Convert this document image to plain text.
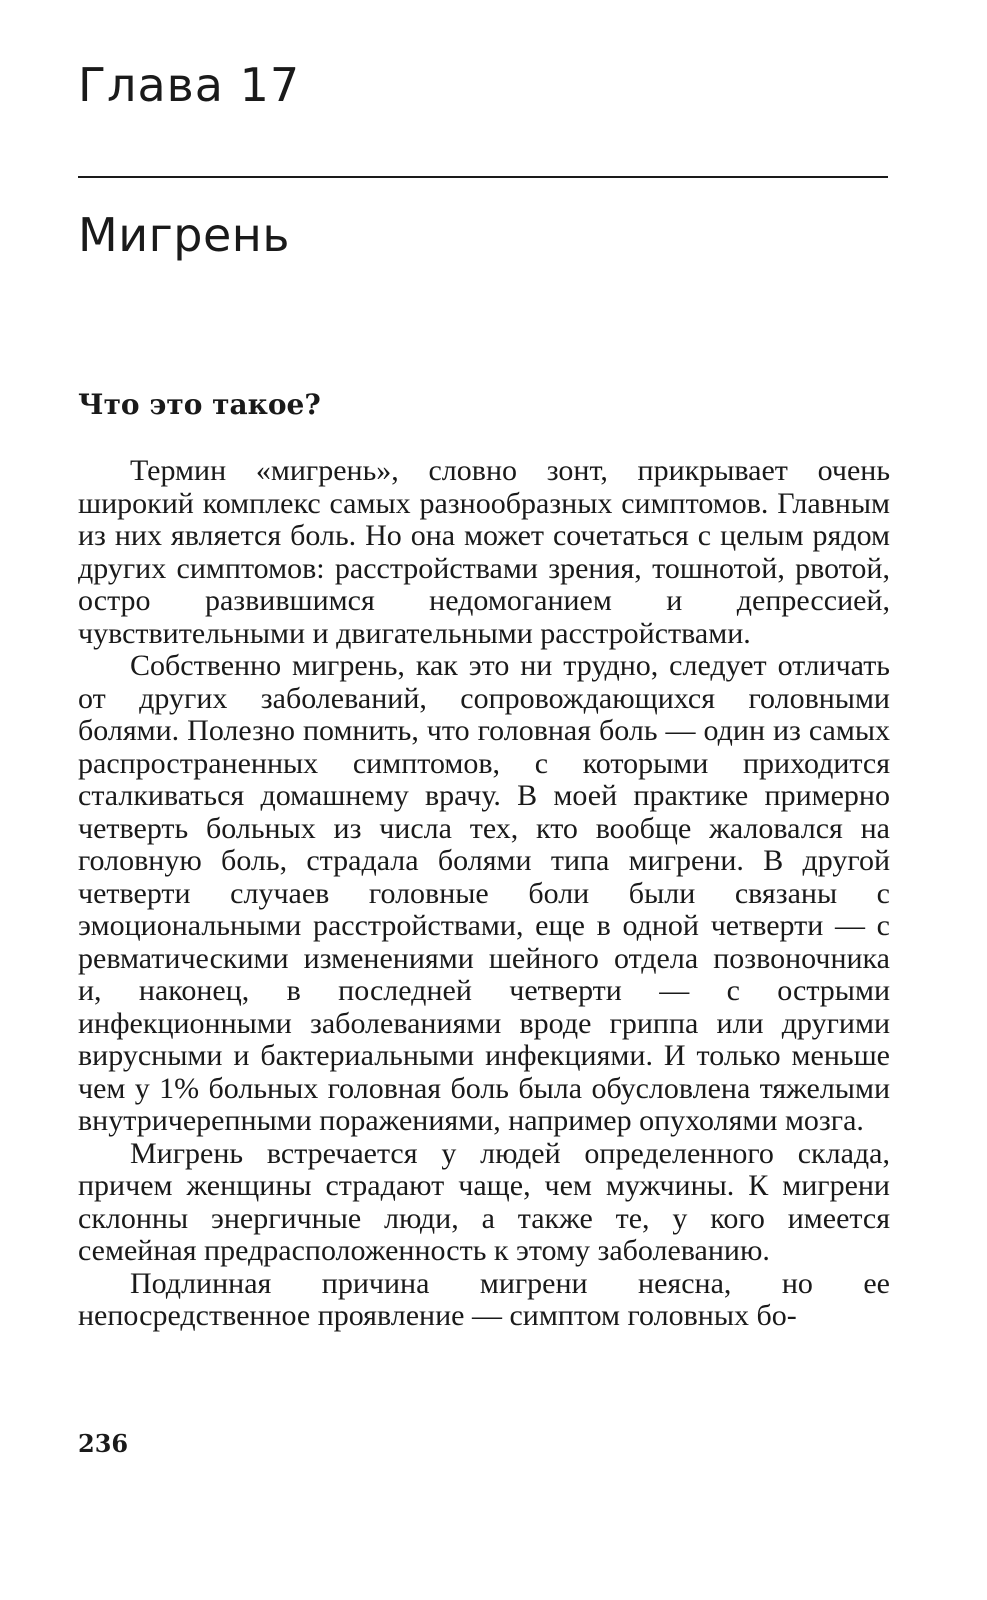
Глава 17
Мигрень
Что это такое?

Термин «мигрень», словно зонт, прикрывает очень широкий комплекс самых разнообразных симптомов. Главным из них является боль. Но она может сочетаться с целым рядом других симптомов: расстройствами зрения, тошнотой, рвотой, остро развившимся недомоганием и депрессией, чувствительными и двигательными расстройствами.

Собственно мигрень, как это ни трудно, следует отличать от других заболеваний, сопровождающихся головными болями. Полезно помнить, что головная боль — один из самых распространенных симптомов, с которыми приходится сталкиваться домашнему врачу. В моей практике примерно четверть больных из числа тех, кто вообще жаловался на головную боль, страдала болями типа мигрени. В другой четверти случаев головные боли были связаны с эмоциональными расстройствами, еще в одной четверти — с ревматическими изменениями шейного отдела позвоночника и, наконец, в последней четверти — с острыми инфекционными заболеваниями вроде гриппа или другими вирусными и бактериальными инфекциями. И только меньше чем у 1% больных головная боль была обусловлена тяжелыми внутричерепными поражениями, например опухолями мозга.

Мигрень встречается у людей определенного склада, причем женщины страдают чаще, чем мужчины. К мигрени склонны энергичные люди, а также те, у кого имеется семейная предрасположенность к этому заболеванию.

Подлинная причина мигрени неясна, но ее непосредственное проявление — симптом головных бо-

236
